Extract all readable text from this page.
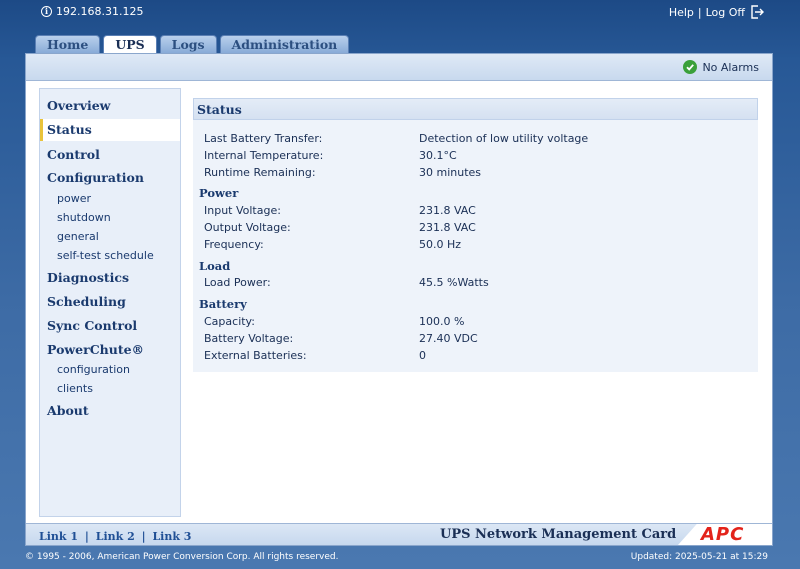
i 192.168.31.125	Help | Log Off
Home	UPS	Logs	Administration
No Alarms
Overview
Status
Control
Configuration
power
shutdown
general
self-test schedule
Diagnostics
Scheduling
Sync Control
PowerChute®
configuration
clients
About
Status
Last Battery Transfer:	Detection of low utility voltage
Internal Temperature:	30.1°C
Runtime Remaining:	30 minutes
Power
Input Voltage:	231.8 VAC
Output Voltage:	231.8 VAC
Frequency:	50.0 Hz
Load
Load Power:	45.5 %Watts
Battery
Capacity:	100.0 %
Battery Voltage:	27.40 VDC
External Batteries:	0
Link 1 | Link 2 | Link 3	UPS Network Management Card APC
© 1995 - 2006, American Power Conversion Corp. All rights reserved.	Updated: 2025-05-21 at 15:29
